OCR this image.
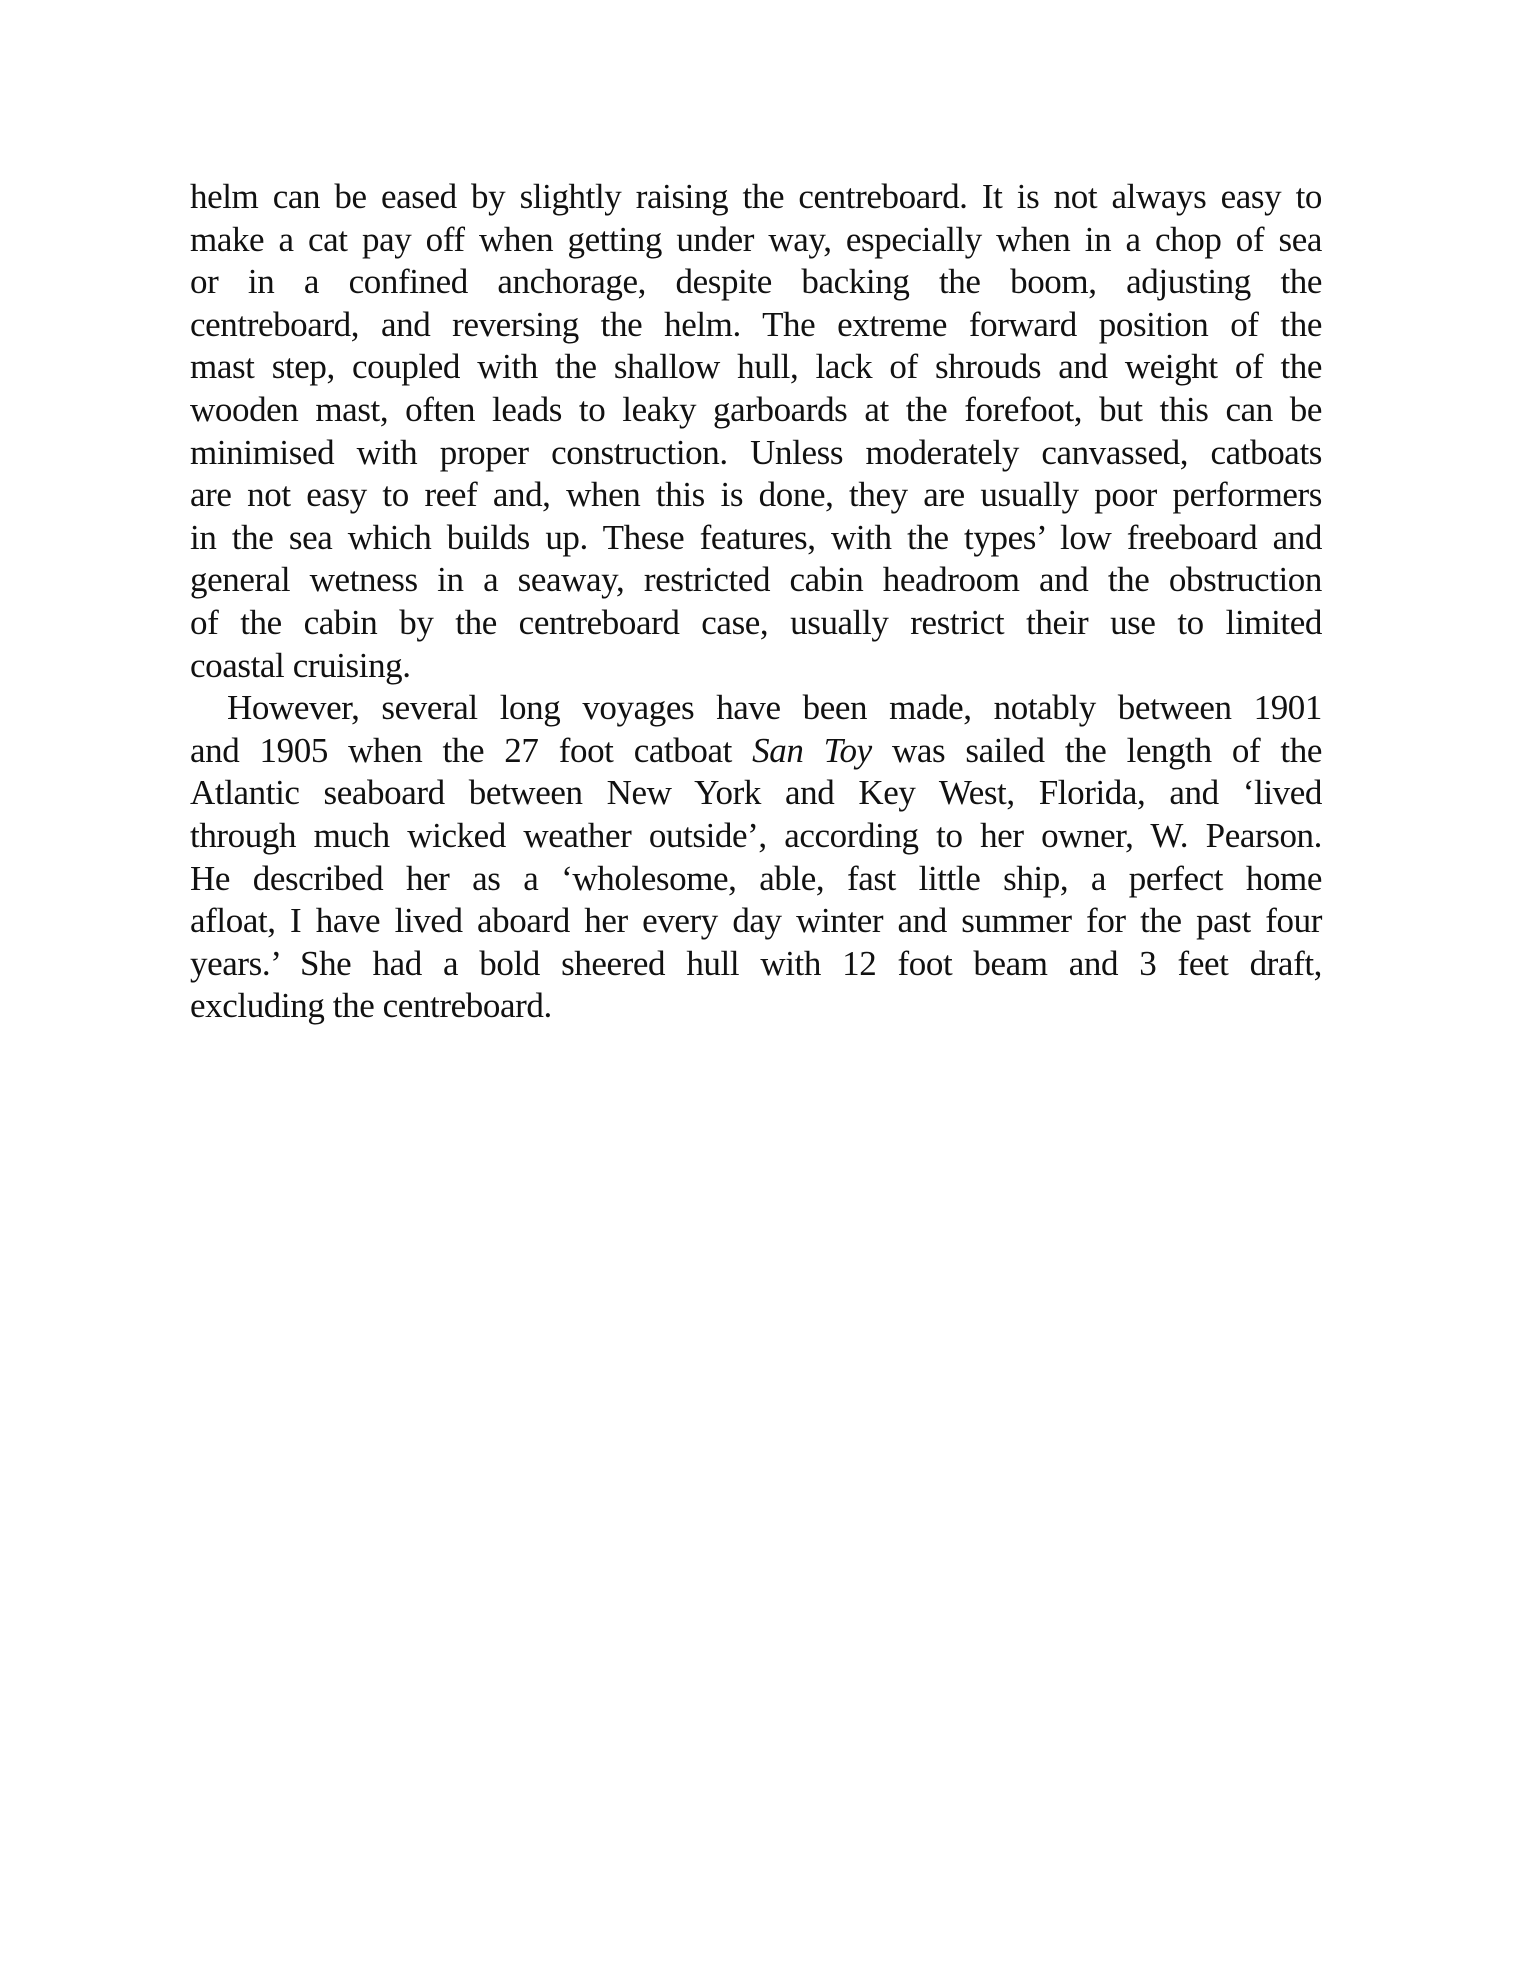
helm can be eased by slightly raising the centreboard. It is not always easy to
make a cat pay off when getting under way, especially when in a chop of sea
or in a confined anchorage, despite backing the boom, adjusting the
centreboard, and reversing the helm. The extreme forward position of the
mast step, coupled with the shallow hull, lack of shrouds and weight of the
wooden mast, often leads to leaky garboards at the forefoot, but this can be
minimised with proper construction. Unless moderately canvassed, catboats
are not easy to reef and, when this is done, they are usually poor performers
in the sea which builds up. These features, with the types’ low freeboard and
general wetness in a seaway, restricted cabin headroom and the obstruction
of the cabin by the centreboard case, usually restrict their use to limited
coastal cruising.
However, several long voyages have been made, notably between 1901
and 1905 when the 27 foot catboat San Toy was sailed the length of the
Atlantic seaboard between New York and Key West, Florida, and ‘lived
through much wicked weather outside’, according to her owner, W. Pearson.
He described her as a ‘wholesome, able, fast little ship, a perfect home
afloat, I have lived aboard her every day winter and summer for the past four
years.’ She had a bold sheered hull with 12 foot beam and 3 feet draft,
excluding the centreboard.
